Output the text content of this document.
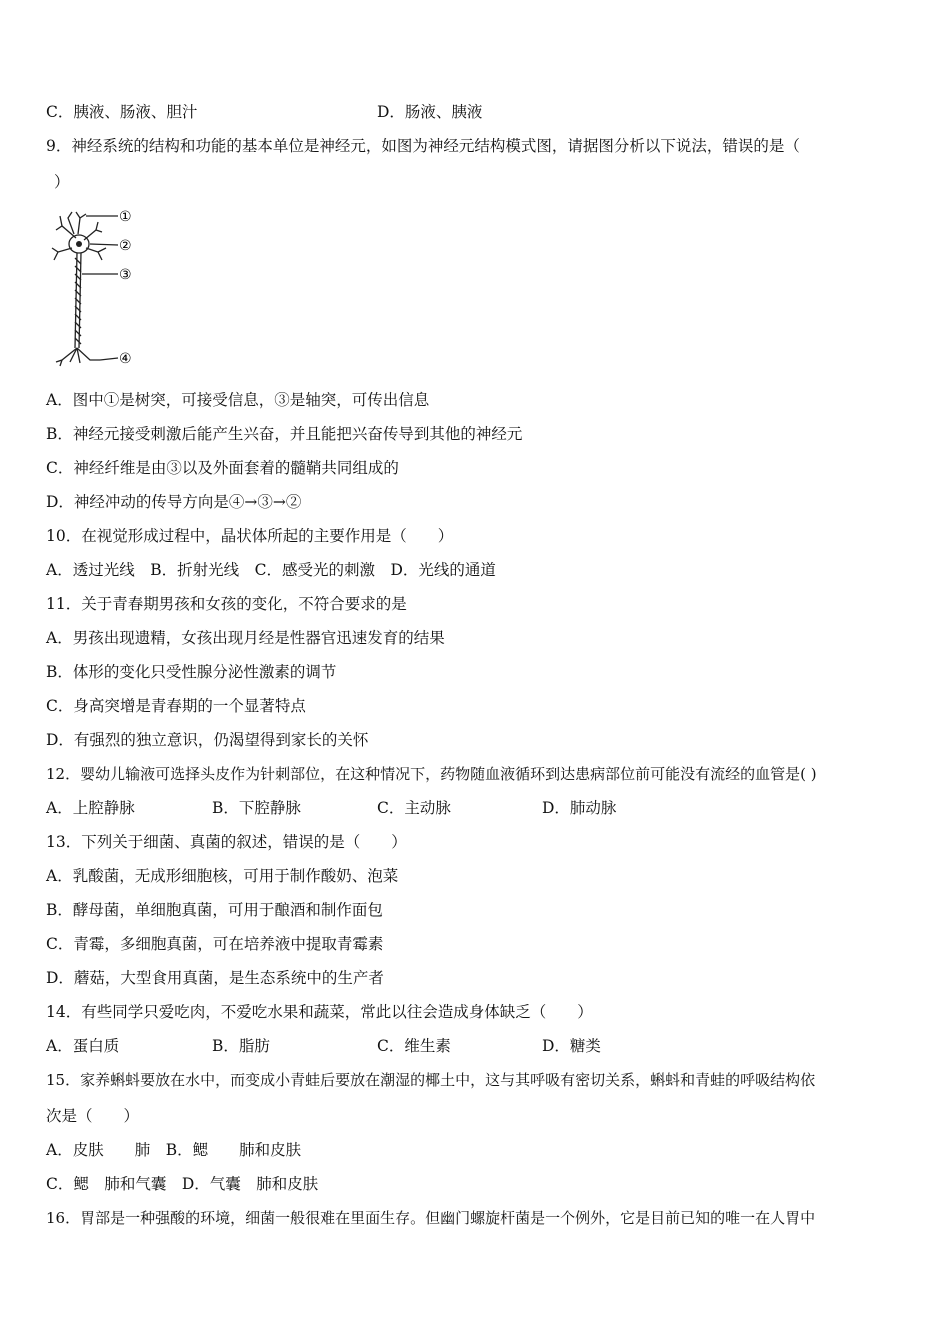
C．胰液、肠液、胆汁	D．肠液、胰液
9．神经系统的结构和功能的基本单位是神经元，如图为神经元结构模式图，请据图分析以下说法，错误的是（
）
①
②
③
④
A．图中①是树突，可接受信息，③是轴突，可传出信息
B．神经元接受刺激后能产生兴奋，并且能把兴奋传导到其他的神经元
C．神经纤维是由③以及外面套着的髓鞘共同组成的
D．神经冲动的传导方向是④→③→②
10．在视觉形成过程中，晶状体所起的主要作用是（　　）
A．透过光线　B．折射光线　C．感受光的刺激　D．光线的通道
11．关于青春期男孩和女孩的变化，不符合要求的是
A．男孩出现遗精，女孩出现月经是性器官迅速发育的结果
B．体形的变化只受性腺分泌性激素的调节
C．身高突增是青春期的一个显著特点
D．有强烈的独立意识，仍渴望得到家长的关怀
12．婴幼儿输液可选择头皮作为针刺部位，在这种情况下，药物随血液循环到达患病部位前可能没有流经的血管是( )
A．上腔静脉	B．下腔静脉	C．主动脉	D．肺动脉
13．下列关于细菌、真菌的叙述，错误的是（　　）
A．乳酸菌，无成形细胞核，可用于制作酸奶、泡菜
B．酵母菌，单细胞真菌，可用于酿酒和制作面包
C．青霉，多细胞真菌，可在培养液中提取青霉素
D．蘑菇，大型食用真菌，是生态系统中的生产者
14．有些同学只爱吃肉，不爱吃水果和蔬菜，常此以往会造成身体缺乏（　　）
A．蛋白质	B．脂肪	C．维生素	D．糖类
15．家养蝌蚪要放在水中，而变成小青蛙后要放在潮湿的椰土中，这与其呼吸有密切关系，蝌蚪和青蛙的呼吸结构依
次是（　　）
A．皮肤　　肺　B．鳃　　肺和皮肤
C．鳃　肺和气囊　D．气囊　肺和皮肤
16．胃部是一种强酸的环境，细菌一般很难在里面生存。但幽门螺旋杆菌是一个例外，它是目前已知的唯一在人胃中
